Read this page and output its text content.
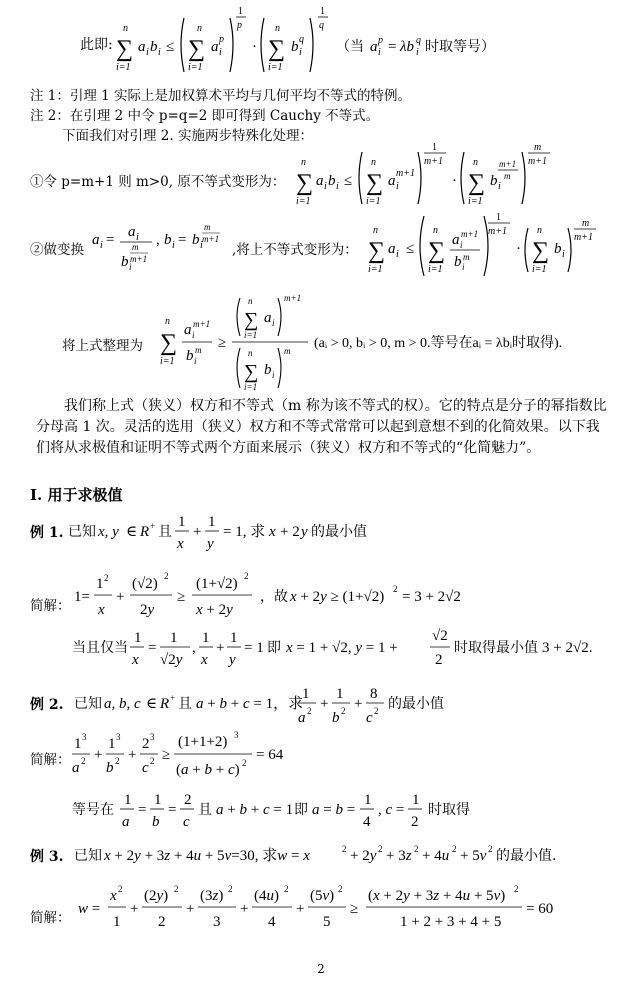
此即:
n
∑
i=1
a i b i ≤
n
∑
i=1
a i
p
1
p
·
n
∑
i=1
b i
q
1
q
（当 a i
p = λb i
q 时取等号）
注 1：引理 1 实际上是加权算术平均与几何平均不等式的特例。
注 2：在引理 2 中令 p=q=2 即可得到 Cauchy 不等式。
下面我们对引理 2. 实施两步特殊化处理：
①令 p=m+1 则 m>0, 原不等式变形为：
n
∑
i=1
a i b i ≤
n
∑
i=1
a i
m+1
1
m+1
·
n
∑
i=1
b i
m+1
m
m
m+1
②做变换
a i = a i
b i
m
m+1
, b i = b i
m
m+1
,将上不等式变形为：
n
∑
i=1
a i ≤
n
∑
i=1
a i
m+1
b i
m
1
m+1
·
n
∑
i=1
b i
m
m+1
将上式整理为
n
∑
i=1
a i
m+1
b i
m ≥
n
∑
i=1
a i
m+1
n
∑
i=1
b i
m (aᵢ > 0, bᵢ > 0, m > 0.等号在aᵢ = λbᵢ时取得).
我们称上式（狭义）权方和不等式（m 称为该不等式的权）。它的特点是分子的幂指数比分母高 1 次。灵活的选用（狭义）权方和不等式常常可以起到意想不到的化简效果。以下我们将从求极值和证明不等式两个方面来展示（狭义）权方和不等式的“化简魅力”。
Ⅰ. 用于求极值
例 1. 已知 x, y ∈ R + 且
1
x
+
1
y
= 1, 求 x + 2 y 的最小值.
简解：
1=
1 2
x
+
(√2) 2
2y
≥
(1+√2) 2
x + 2y
，故 x + 2y ≥ (1+√2) 2 = 3 + 2√2
当且仅当
1
x
=
1
√2y
,
1
x
+
1
y
= 1 即 x = 1 + √2, y = 1 +
√2
2
时取得最小值 3 + 2√2.
例 2. 已知 a, b, c ∈ R + 且 a + b + c = 1，求
1
a 2 +
1
b 2 +
8
c 2 的最小值
简解：
1 3
a 2 +
1 3
b 2 +
2 3
c 2 ≥
(1+1+2) 3
(a + b + c) 2 = 64
等号在
1
a
=
1
b
=
2
c
且 a + b + c = 1 即 a = b =
1
4
, c =
1
2
时取得
例 3. 已知 x + 2y + 3z + 4u + 5v=30, 求w = x	2 + 2y 2 + 3z 2 + 4u 2 + 5v 2 的最小值.
简解：
w =
x 2
1
+
(2y) 2
2
+
(3z) 2
3
+
(4u) 2
4
+
(5v) 2
5
≥
(x + 2y + 3z + 4u + 5v) 2
1 + 2 + 3 + 4 + 5
= 60
2
